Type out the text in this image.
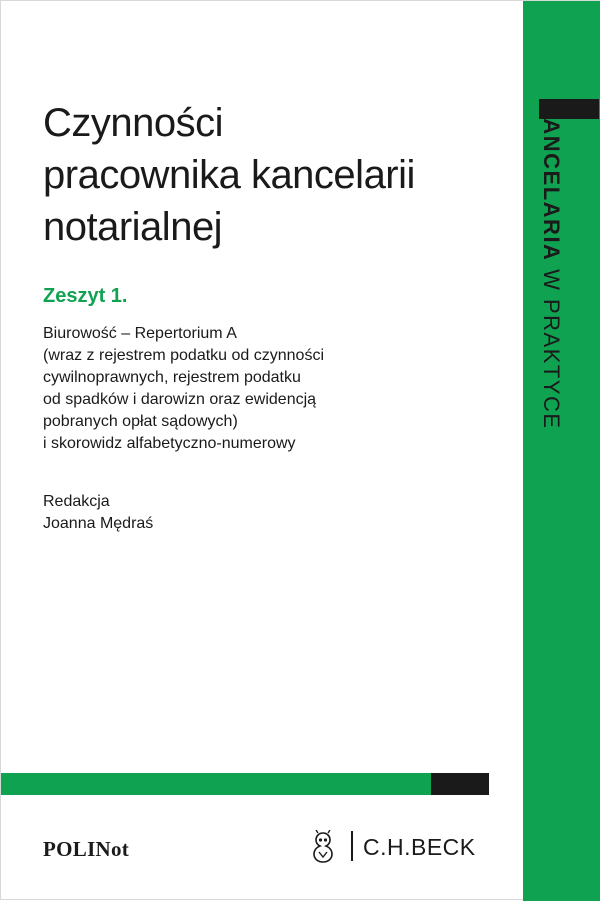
Czynności
pracownika kancelarii
notarialnej
Zeszyt 1.
Biurowość – Repertorium A
(wraz z rejestrem podatku od czynności
cywilnoprawnych, rejestrem podatku
od spadków i darowizn oraz ewidencją
pobranych opłat sądowych)
i skorowidz alfabetyczno-numerowy
Redakcja
Joanna Mędraś
POLINot	C.H.BECK
KANCELARIA W PRAKTYCE
